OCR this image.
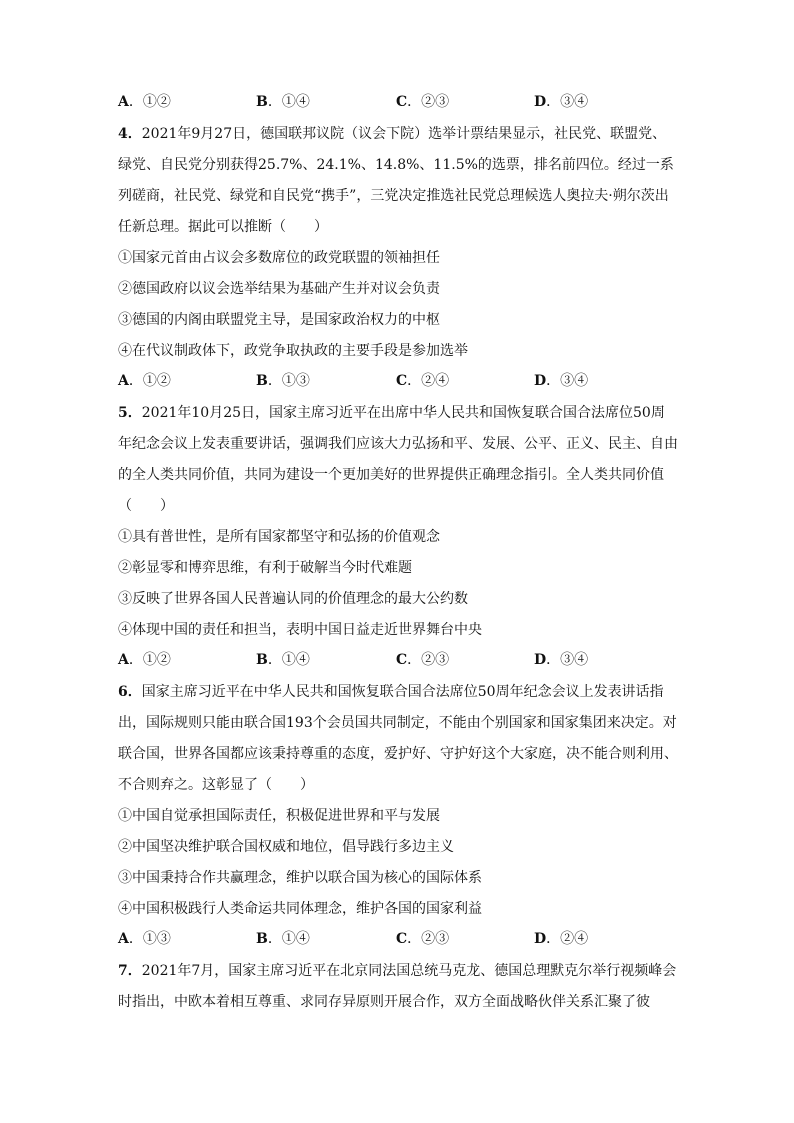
A．①②	B．①④	C．②③	D．③④

4．2021年9月27日，德国联邦议院（议会下院）选举计票结果显示，社民党、联盟党、绿党、自民党分别获得25.7%、24.1%、14.8%、11.5%的选票，排名前四位。经过一系列磋商，社民党、绿党和自民党“携手”，三党决定推选社民党总理候选人奥拉夫·朔尔茨出任新总理。据此可以推断（　　）

①国家元首由占议会多数席位的政党联盟的领袖担任

②德国政府以议会选举结果为基础产生并对议会负责

③德国的内阁由联盟党主导，是国家政治权力的中枢

④在代议制政体下，政党争取执政的主要手段是参加选举

A．①②	B．①③	C．②④	D．③④

5．2021年10月25日，国家主席习近平在出席中华人民共和国恢复联合国合法席位50周年纪念会议上发表重要讲话，强调我们应该大力弘扬和平、发展、公平、正义、民主、自由的全人类共同价值，共同为建设一个更加美好的世界提供正确理念指引。全人类共同价值（　　）

①具有普世性，是所有国家都坚守和弘扬的价值观念

②彰显零和博弈思维，有利于破解当今时代难题

③反映了世界各国人民普遍认同的价值理念的最大公约数

④体现中国的责任和担当，表明中国日益走近世界舞台中央

A．①②	B．①④	C．②③	D．③④

6．国家主席习近平在中华人民共和国恢复联合国合法席位50周年纪念会议上发表讲话指出，国际规则只能由联合国193个会员国共同制定，不能由个别国家和国家集团来决定。对联合国，世界各国都应该秉持尊重的态度，爱护好、守护好这个大家庭，决不能合则利用、不合则弃之。这彰显了（　　）

①中国自觉承担国际责任，积极促进世界和平与发展

②中国坚决维护联合国权威和地位，倡导践行多边主义

③中国秉持合作共赢理念，维护以联合国为核心的国际体系

④中国积极践行人类命运共同体理念，维护各国的国家利益

A．①③	B．①④	C．②③	D．②④

7．2021年7月，国家主席习近平在北京同法国总统马克龙、德国总理默克尔举行视频峰会时指出，中欧本着相互尊重、求同存异原则开展合作，双方全面战略伙伴关系汇聚了彼
